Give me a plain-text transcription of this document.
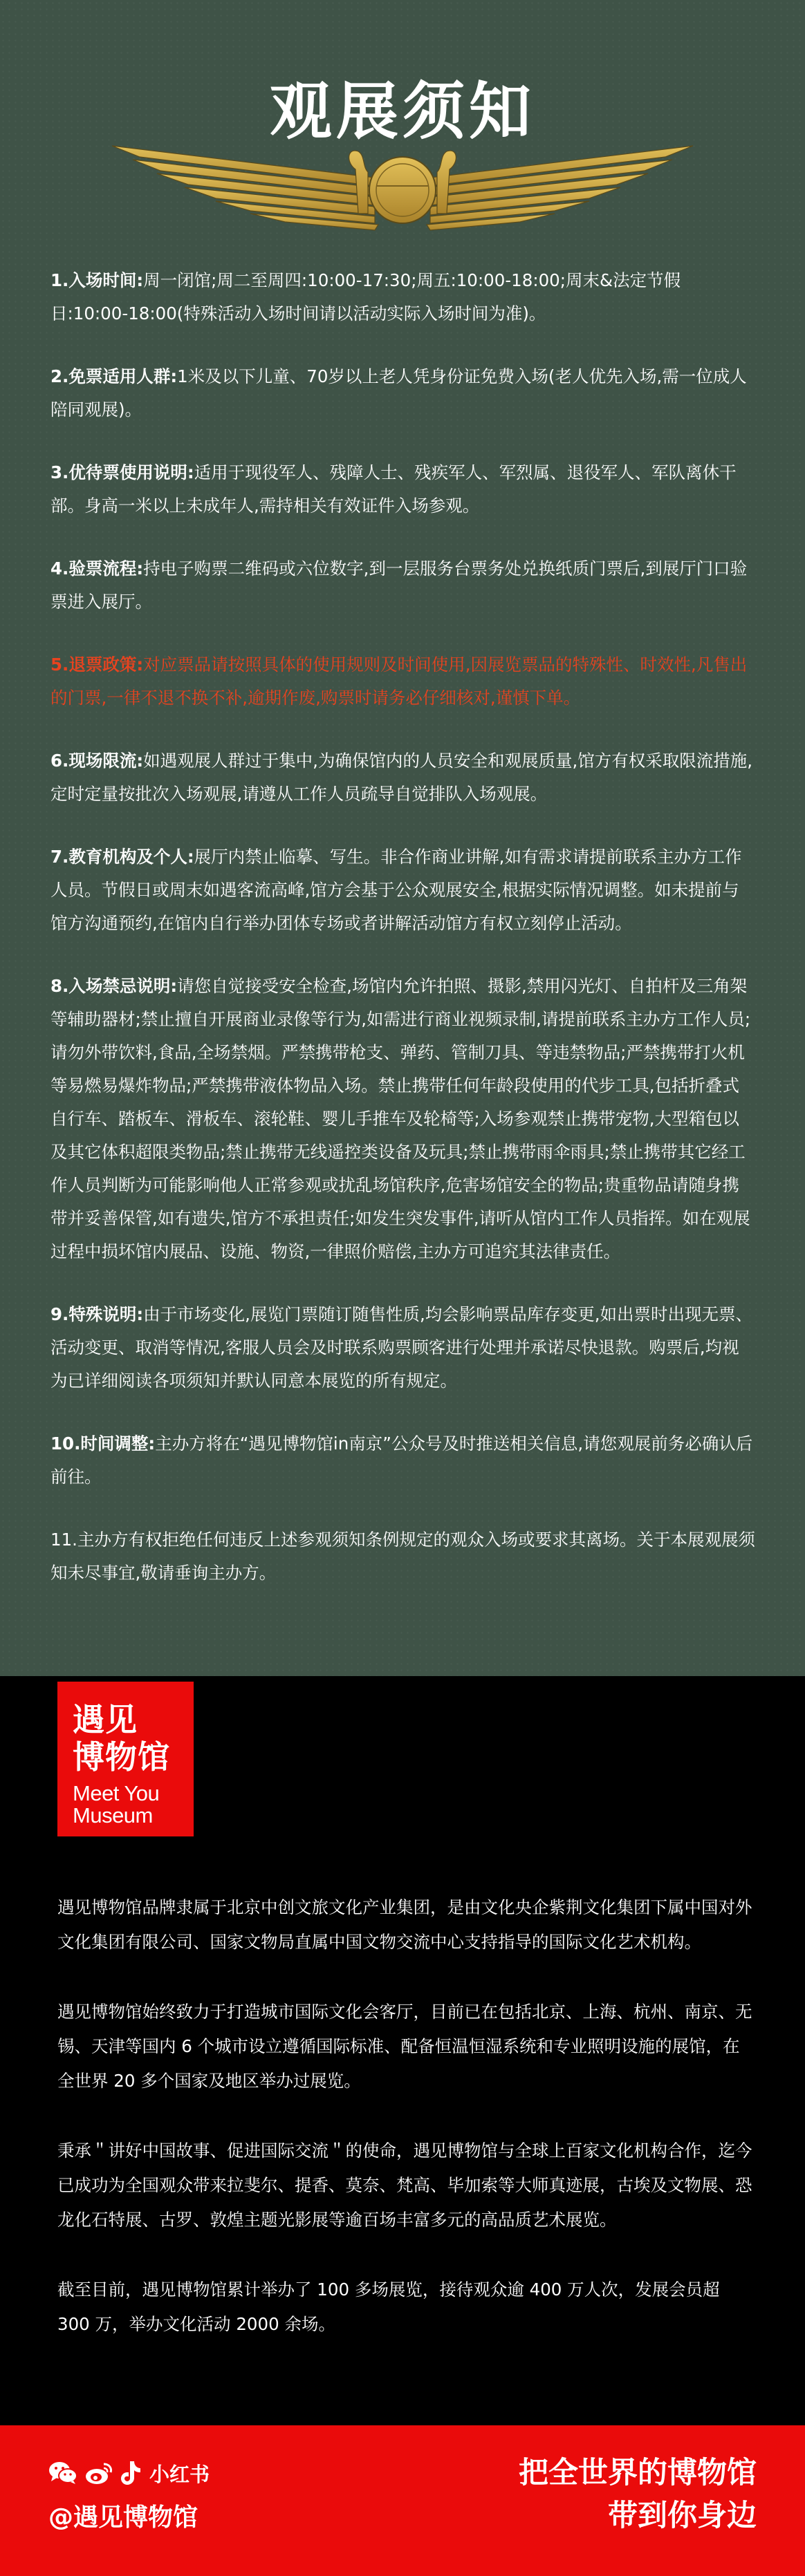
观展须知
1.入场时间:周一闭馆;周二至周四:10:00-17:30;周五:10:00-18:00;周末&法定节假日:10:00-18:00(特殊活动入场时间请以活动实际入场时间为准)。
2.免票适用人群:1米及以下儿童、70岁以上老人凭身份证免费入场(老人优先入场,需一位成人陪同观展)。
3.优待票使用说明:适用于现役军人、残障人士、残疾军人、军烈属、退役军人、军队离休干部。身高一米以上未成年人,需持相关有效证件入场参观。
4.验票流程:持电子购票二维码或六位数字,到一层服务台票务处兑换纸质门票后,到展厅门口验票进入展厅。
5.退票政策:对应票品请按照具体的使用规则及时间使用,因展览票品的特殊性、时效性,凡售出的门票,一律不退不换不补,逾期作废,购票时请务必仔细核对,谨慎下单。
6.现场限流:如遇观展人群过于集中,为确保馆内的人员安全和观展质量,馆方有权采取限流措施,定时定量按批次入场观展,请遵从工作人员疏导自觉排队入场观展。
7.教育机构及个人:展厅内禁止临摹、写生。非合作商业讲解,如有需求请提前联系主办方工作人员。节假日或周末如遇客流高峰,馆方会基于公众观展安全,根据实际情况调整。如未提前与馆方沟通预约,在馆内自行举办团体专场或者讲解活动馆方有权立刻停止活动。
8.入场禁忌说明:请您自觉接受安全检查,场馆内允许拍照、摄影,禁用闪光灯、自拍杆及三角架等辅助器材;禁止擅自开展商业录像等行为,如需进行商业视频录制,请提前联系主办方工作人员;请勿外带饮料,食品,全场禁烟。严禁携带枪支、弹药、管制刀具、等违禁物品;严禁携带打火机等易燃易爆炸物品;严禁携带液体物品入场。禁止携带任何年龄段使用的代步工具,包括折叠式自行车、踏板车、滑板车、滚轮鞋、婴儿手推车及轮椅等;入场参观禁止携带宠物,大型箱包以及其它体积超限类物品;禁止携带无线遥控类设备及玩具;禁止携带雨伞雨具;禁止携带其它经工作人员判断为可能影响他人正常参观或扰乱场馆秩序,危害场馆安全的物品;贵重物品请随身携带并妥善保管,如有遗失,馆方不承担责任;如发生突发事件,请听从馆内工作人员指挥。如在观展过程中损坏馆内展品、设施、物资,一律照价赔偿,主办方可追究其法律责任。
9.特殊说明:由于市场变化,展览门票随订随售性质,均会影响票品库存变更,如出票时出现无票、活动变更、取消等情况,客服人员会及时联系购票顾客进行处理并承诺尽快退款。购票后,均视为已详细阅读各项须知并默认同意本展览的所有规定。
10.时间调整:主办方将在“遇见博物馆in南京”公众号及时推送相关信息,请您观展前务必确认后前往。
11.主办方有权拒绝任何违反上述参观须知条例规定的观众入场或要求其离场。关于本展观展须知未尽事宜,敬请垂询主办方。
遇见
博物馆
Meet You
Museum

遇见博物馆品牌隶属于北京中创文旅文化产业集团，是由文化央企紫荆文化集团下属中国对外文化集团有限公司、国家文物局直属中国文物交流中心支持指导的国际文化艺术机构。

遇见博物馆始终致力于打造城市国际文化会客厅，目前已在包括北京、上海、杭州、南京、无锡、天津等国内 6 个城市设立遵循国际标准、配备恒温恒湿系统和专业照明设施的展馆，在全世界 20 多个国家及地区举办过展览。

秉承＂讲好中国故事、促进国际交流＂的使命，遇见博物馆与全球上百家文化机构合作，迄今已成功为全国观众带来拉斐尔、提香、莫奈、梵高、毕加索等大师真迹展，古埃及文物展、恐龙化石特展、古罗、敦煌主题光影展等逾百场丰富多元的高品质艺术展览。

截至目前，遇见博物馆累计举办了 100 多场展览，接待观众逾 400 万人次，发展会员超 300 万，举办文化活动 2000 余场。

小红书
@遇见博物馆
把全世界的博物馆
带到你身边
